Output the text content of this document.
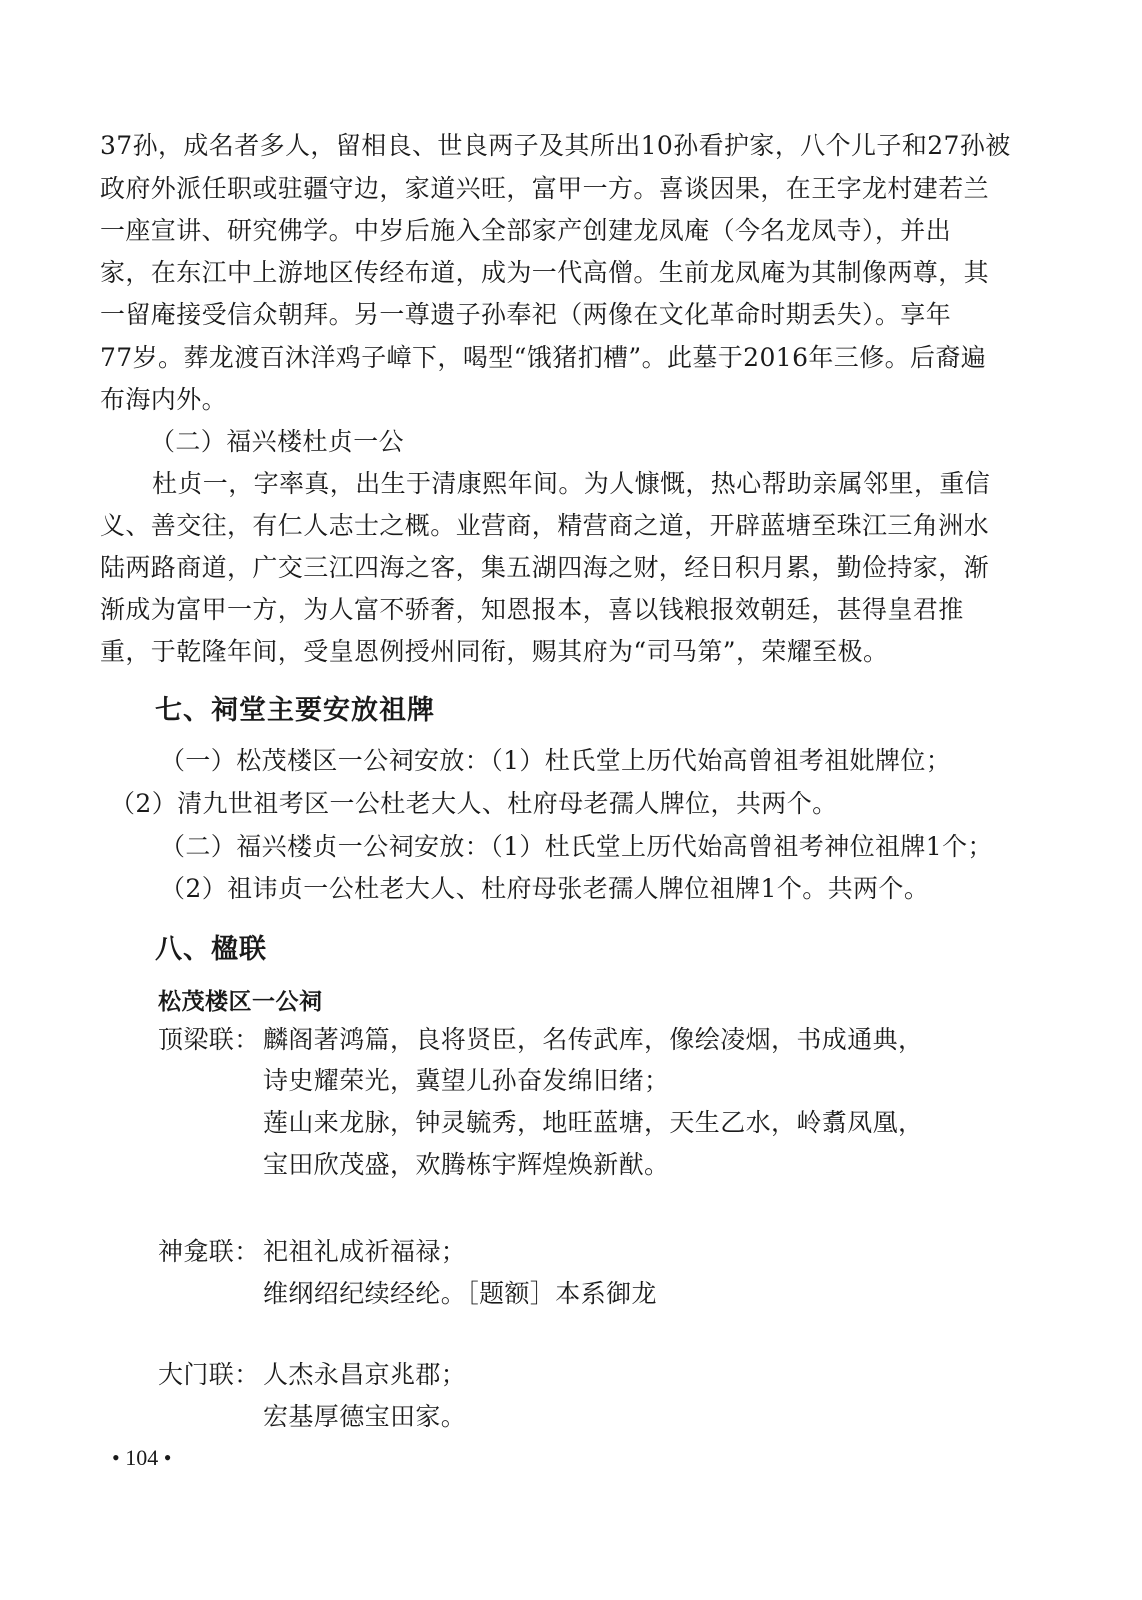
37孙，成名者多人，留相良、世良两子及其所出10孙看护家，八个儿子和27孙被
政府外派任职或驻疆守边，家道兴旺，富甲一方。喜谈因果，在王字龙村建若兰
一座宣讲、研究佛学。中岁后施入全部家产创建龙凤庵（今名龙凤寺），并出
家，在东江中上游地区传经布道，成为一代高僧。生前龙凤庵为其制像两尊，其
一留庵接受信众朝拜。另一尊遗子孙奉祀（两像在文化革命时期丢失）。享年
77岁。葬龙渡百沐洋鸡子嶂下，喝型“饿猪扪槽”。此墓于2016年三修。后裔遍
布海内外。
（二）福兴楼杜贞一公
杜贞一，字率真，出生于清康熙年间。为人慷慨，热心帮助亲属邻里，重信
义、善交往，有仁人志士之概。业营商，精营商之道，开辟蓝塘至珠江三角洲水
陆两路商道，广交三江四海之客，集五湖四海之财，经日积月累，勤俭持家，渐
渐成为富甲一方，为人富不骄奢，知恩报本，喜以钱粮报效朝廷，甚得皇君推
重，于乾隆年间，受皇恩例授州同衔，赐其府为“司马第”，荣耀至极。
七、祠堂主要安放祖牌
（一）松茂楼区一公祠安放：（1）杜氏堂上历代始高曾祖考祖妣牌位；
（2）清九世祖考区一公杜老大人、杜府母老孺人牌位，共两个。
（二）福兴楼贞一公祠安放：（1）杜氏堂上历代始高曾祖考神位祖牌1个；
（2）祖讳贞一公杜老大人、杜府母张老孺人牌位祖牌1个。共两个。
八、楹联
松茂楼区一公祠
顶梁联： 麟阁著鸿篇，良将贤臣，名传武库，像绘凌烟，书成通典，
诗史耀荣光，冀望儿孙奋发绵旧绪；
莲山来龙脉，钟灵毓秀，地旺蓝塘，天生乙水，岭翥凤凰，
宝田欣茂盛，欢腾栋宇辉煌焕新猷。
神龛联： 祀祖礼成祈福禄；
维纲绍纪续经纶。［题额］本系御龙
大门联： 人杰永昌京兆郡；
宏基厚德宝田家。
• 104 •
